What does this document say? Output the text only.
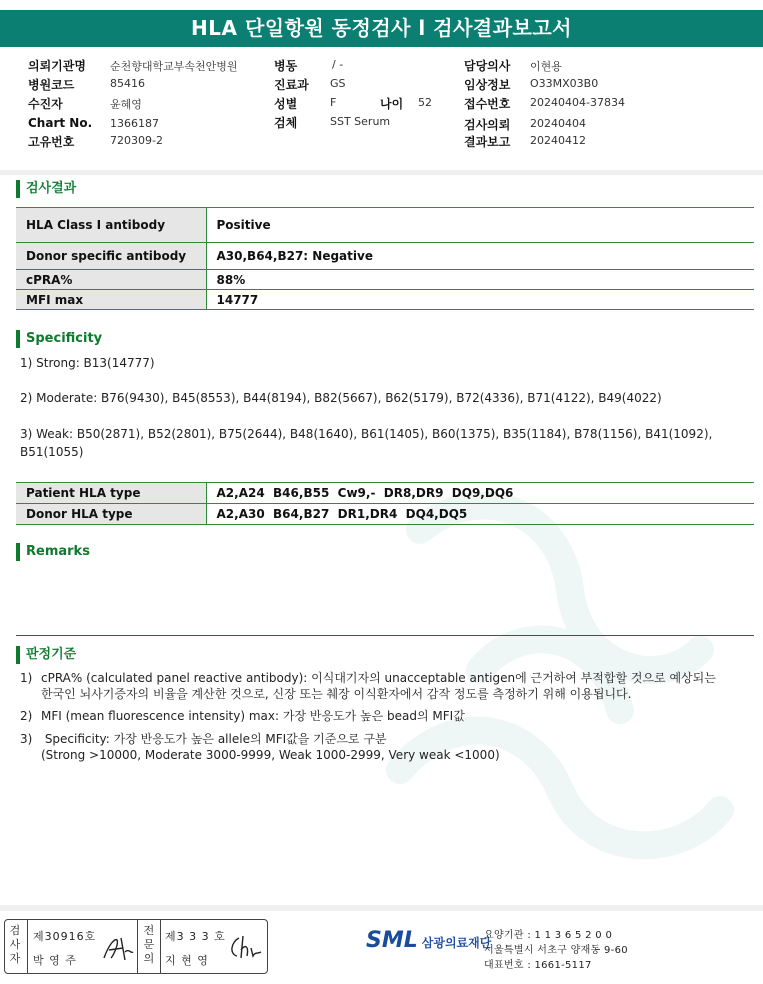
HLA 단일항원 동정검사 l 검사결과보고서
의뢰기관명 순천향대학교부속천안병원
병원코드	85416
수진자	윤혜영
Chart No. 1366187
고유번호	720309-2
병동	/ -
진료과 GS
성별	F	나이 52
검체	SST Serum
담당의사 이현용
임상정보 O33MX03B0
접수번호 20240404-37834
검사의뢰 20240404
결과보고 20240412
검사결과
HLA Class I antibody	Positive
Donor specific antibody	A30,B64,B27: Negative
cPRA%	88%
MFI max	14777
Specificity
1) Strong: B13(14777)
2) Moderate: B76(9430), B45(8553), B44(8194), B82(5667), B62(5179), B72(4336), B71(4122), B49(4022)
3) Weak: B50(2871), B52(2801), B75(2644), B48(1640), B61(1405), B60(1375), B35(1184), B78(1156), B41(1092), B51(1055)
Patient HLA type	A2,A24  B46,B55  Cw9,-  DR8,DR9  DQ9,DQ6
Donor HLA type	A2,A30  B64,B27  DR1,DR4  DQ4,DQ5
Remarks
판정기준
1) cPRA% (calculated panel reactive antibody): 이식대기자의 unacceptable antigen에 근거하여 부적합할 것으로 예상되는
한국인 뇌사기증자의 비율을 계산한 것으로, 신장 또는 췌장 이식환자에서 감작 정도를 측정하기 위해 이용됩니다.
2) MFI (mean fluorescence intensity) max: 가장 반응도가 높은 bead의 MFI값
3) Specificity: 가장 반응도가 높은 allele의 MFI값을 기준으로 구분
(Strong >10000, Moderate 3000-9999, Weak 1000-2999, Very weak <1000)
검
사
자
제30916호
박 영 주
전
문
의
제3 3 3 호
지 현 영
SML 삼광의료재단
요양기관 : 1 1 3 6 5 2 0 0
서울특별시 서초구 양재동 9-60
대표번호 : 1661-5117
